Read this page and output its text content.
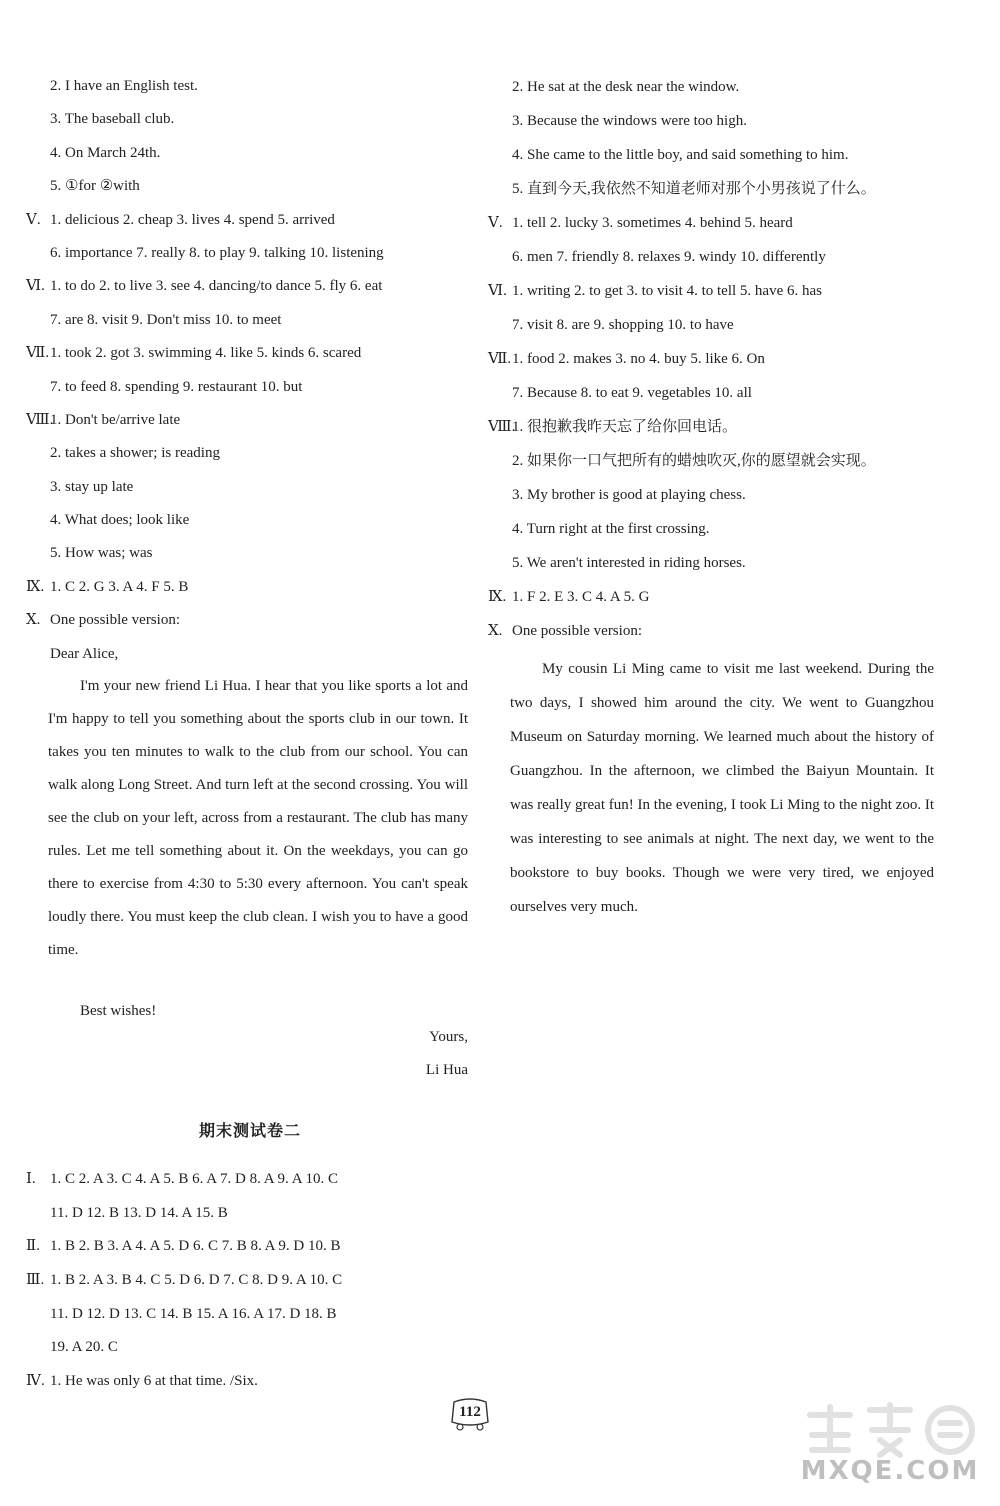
2. I have an English test.
3. The baseball club.
4. On March 24th.
5. ①for ②with
Ⅴ. 1. delicious 2. cheap 3. lives 4. spend 5. arrived
6. importance 7. really 8. to play 9. talking 10. listening
Ⅵ. 1. to do 2. to live 3. see 4. dancing/to dance 5. fly 6. eat
7. are 8. visit 9. Don't miss 10. to meet
Ⅶ. 1. took 2. got 3. swimming 4. like 5. kinds 6. scared
7. to feed 8. spending 9. restaurant 10. but
Ⅷ.
1. Don't be/arrive late
2. takes a shower; is reading
3. stay up late
4. What does; look like
5. How was; was
Ⅸ. 1. C 2. G 3. A 4. F 5. B
Ⅹ. One possible version:
Dear Alice,
I'm your new friend Li Hua. I hear that you like sports a lot and I'm happy to tell you something about the sports club in our town. It takes you ten minutes to walk to the club from our school. You can walk along Long Street. And turn left at the second crossing. You will see the club on your left, across from a restaurant. The club has many rules. Let me tell something about it. On the weekdays, you can go there to exercise from 4:30 to 5:30 every afternoon. You can't speak loudly there. You must keep the club clean. I wish you to have a good time.
Best wishes!
Yours,
Li Hua
2. He sat at the desk near the window.
3. Because the windows were too high.
4. She came to the little boy, and said something to him.
5. 直到今天,我依然不知道老师对那个小男孩说了什么。
Ⅴ. 1. tell 2. lucky 3. sometimes 4. behind 5. heard
6. men 7. friendly 8. relaxes 9. windy 10. differently
Ⅵ. 1. writing 2. to get 3. to visit 4. to tell 5. have 6. has
7. visit 8. are 9. shopping 10. to have
Ⅶ. 1. food 2. makes 3. no 4. buy 5. like 6. On
7. Because 8. to eat 9. vegetables 10. all
Ⅷ.
1. 很抱歉我昨天忘了给你回电话。
2. 如果你一口气把所有的蜡烛吹灭,你的愿望就会实现。
3. My brother is good at playing chess.
4. Turn right at the first crossing.
5. We aren't interested in riding horses.
Ⅸ. 1. F 2. E 3. C 4. A 5. G
Ⅹ. One possible version:
My cousin Li Ming came to visit me last weekend. During the two days, I showed him around the city. We went to Guangzhou Museum on Saturday morning. We learned much about the history of Guangzhou. In the afternoon, we climbed the Baiyun Mountain. It was really great fun! In the evening, I took Li Ming to the night zoo. It was interesting to see animals at night. The next day, we went to the bookstore to buy books. Though we were very tired, we enjoyed ourselves very much.
期末测试卷二
Ⅰ. 1. C 2. A 3. C 4. A 5. B 6. A 7. D 8. A 9. A 10. C
11. D 12. B 13. D 14. A 15. B
Ⅱ. 1. B 2. B 3. A 4. A 5. D 6. C 7. B 8. A 9. D 10. B
Ⅲ. 1. B 2. A 3. B 4. C 5. D 6. D 7. C 8. D 9. A 10. C
11. D 12. D 13. C 14. B 15. A 16. A 17. D 18. B
19. A 20. C
Ⅳ. 1. He was only 6 at that time. /Six.
112
MXQE.COM
